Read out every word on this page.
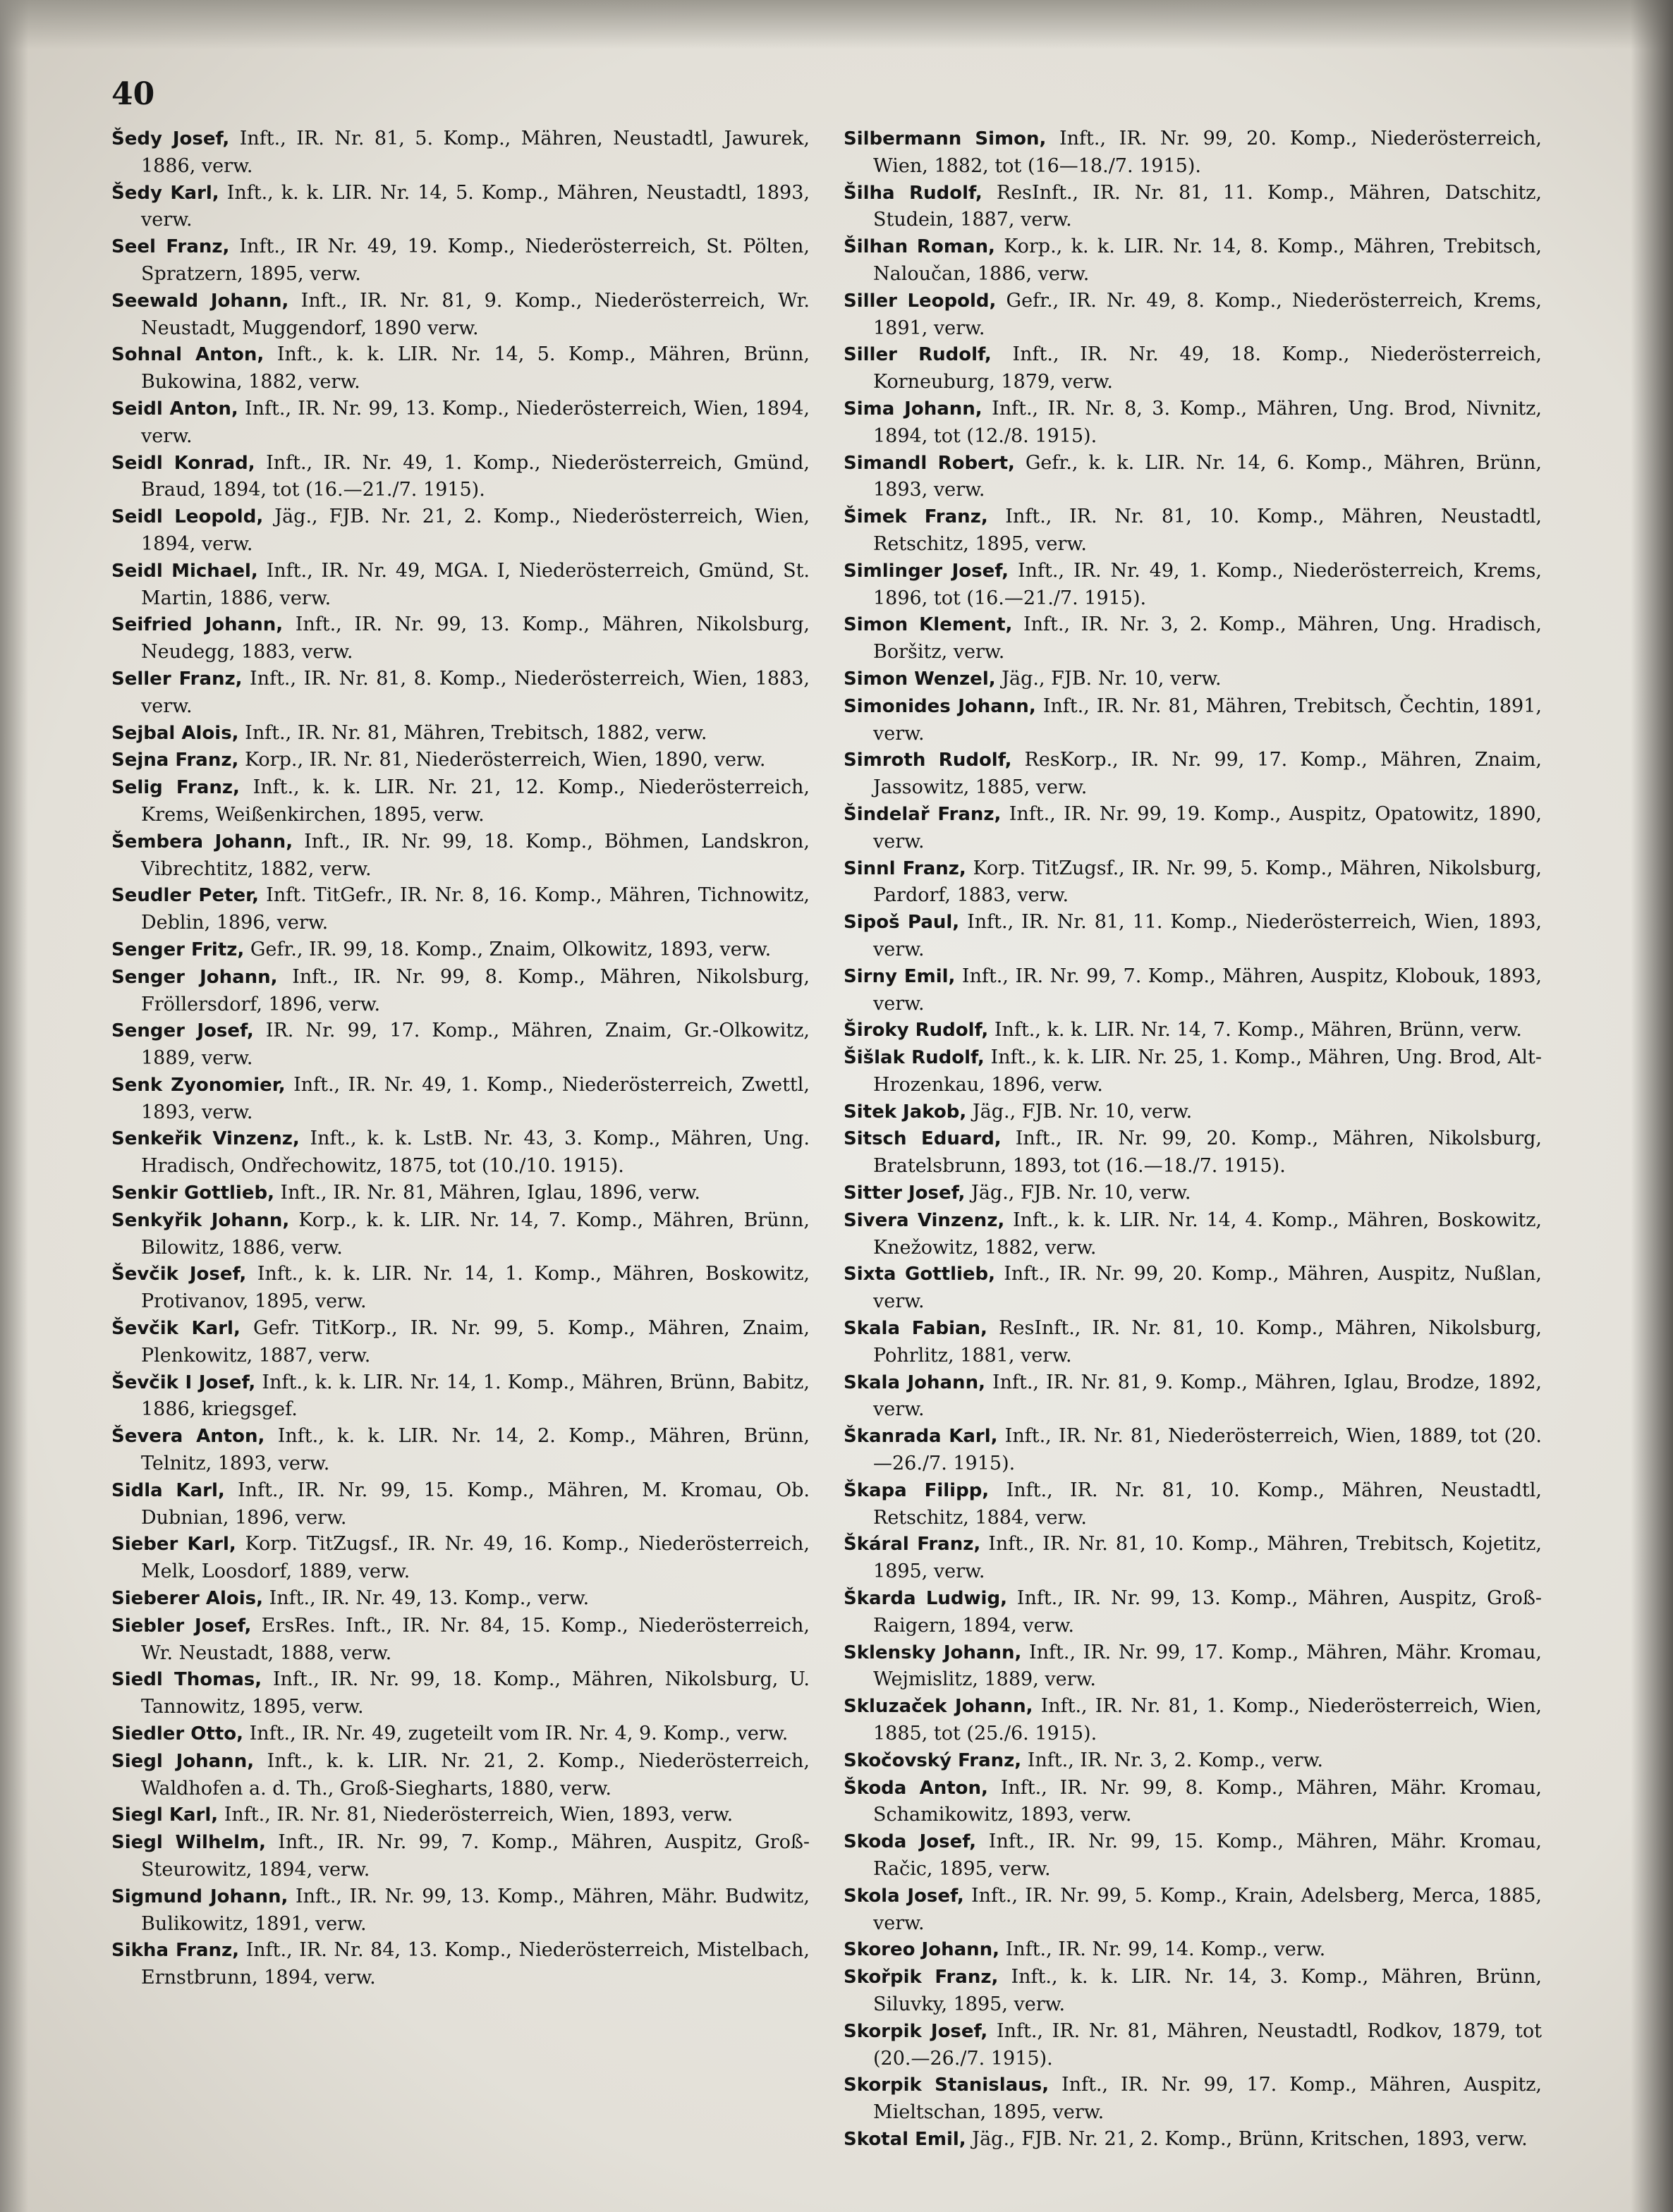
40

Šedy Josef, Inft., IR. Nr. 81, 5. Komp., Mähren, Neustadtl, Jawurek, 1886, verw.

Šedy Karl, Inft., k. k. LIR. Nr. 14, 5. Komp., Mähren, Neustadtl, 1893, verw.

Seel Franz, Inft., IR Nr. 49, 19. Komp., Niederösterreich, St. Pölten, Spratzern, 1895, verw.

Seewald Johann, Inft., IR. Nr. 81, 9. Komp., Niederösterreich, Wr. Neustadt, Muggendorf, 1890 verw.

Sohnal Anton, Inft., k. k. LIR. Nr. 14, 5. Komp., Mähren, Brünn, Bukowina, 1882, verw.

Seidl Anton, Inft., IR. Nr. 99, 13. Komp., Niederösterreich, Wien, 1894, verw.

Seidl Konrad, Inft., IR. Nr. 49, 1. Komp., Niederösterreich, Gmünd, Braud, 1894, tot (16.—21./7. 1915).

Seidl Leopold, Jäg., FJB. Nr. 21, 2. Komp., Niederösterreich, Wien, 1894, verw.

Seidl Michael, Inft., IR. Nr. 49, MGA. I, Niederösterreich, Gmünd, St. Martin, 1886, verw.

Seifried Johann, Inft., IR. Nr. 99, 13. Komp., Mähren, Nikolsburg, Neudegg, 1883, verw.

Seller Franz, Inft., IR. Nr. 81, 8. Komp., Niederösterreich, Wien, 1883, verw.

Sejbal Alois, Inft., IR. Nr. 81, Mähren, Trebitsch, 1882, verw.

Sejna Franz, Korp., IR. Nr. 81, Niederösterreich, Wien, 1890, verw.

Selig Franz, Inft., k. k. LIR. Nr. 21, 12. Komp., Niederösterreich, Krems, Weißenkirchen, 1895, verw.

Šembera Johann, Inft., IR. Nr. 99, 18. Komp., Böhmen, Landskron, Vibrechtitz, 1882, verw.

Seudler Peter, Inft. TitGefr., IR. Nr. 8, 16. Komp., Mähren, Tichnowitz, Deblin, 1896, verw.

Senger Fritz, Gefr., IR. 99, 18. Komp., Znaim, Olkowitz, 1893, verw.

Senger Johann, Inft., IR. Nr. 99, 8. Komp., Mähren, Nikolsburg, Fröllersdorf, 1896, verw.

Senger Josef, IR. Nr. 99, 17. Komp., Mähren, Znaim, Gr.-Olkowitz, 1889, verw.

Senk Zyonomier, Inft., IR. Nr. 49, 1. Komp., Niederösterreich, Zwettl, 1893, verw.

Senkeřik Vinzenz, Inft., k. k. LstB. Nr. 43, 3. Komp., Mähren, Ung. Hradisch, Ondřechowitz, 1875, tot (10./10. 1915).

Senkir Gottlieb, Inft., IR. Nr. 81, Mähren, Iglau, 1896, verw.

Senkyřik Johann, Korp., k. k. LIR. Nr. 14, 7. Komp., Mähren, Brünn, Bilowitz, 1886, verw.

Ševčik Josef, Inft., k. k. LIR. Nr. 14, 1. Komp., Mähren, Boskowitz, Protivanov, 1895, verw.

Ševčik Karl, Gefr. TitKorp., IR. Nr. 99, 5. Komp., Mähren, Znaim, Plenkowitz, 1887, verw.

Ševčik I Josef, Inft., k. k. LIR. Nr. 14, 1. Komp., Mähren, Brünn, Babitz, 1886, kriegsgef.

Ševera Anton, Inft., k. k. LIR. Nr. 14, 2. Komp., Mähren, Brünn, Telnitz, 1893, verw.

Sidla Karl, Inft., IR. Nr. 99, 15. Komp., Mähren, M. Kromau, Ob. Dubnian, 1896, verw.

Sieber Karl, Korp. TitZugsf., IR. Nr. 49, 16. Komp., Niederösterreich, Melk, Loosdorf, 1889, verw.

Sieberer Alois, Inft., IR. Nr. 49, 13. Komp., verw.

Siebler Josef, ErsRes. Inft., IR. Nr. 84, 15. Komp., Niederösterreich, Wr. Neustadt, 1888, verw.

Siedl Thomas, Inft., IR. Nr. 99, 18. Komp., Mähren, Nikolsburg, U. Tannowitz, 1895, verw.

Siedler Otto, Inft., IR. Nr. 49, zugeteilt vom IR. Nr. 4, 9. Komp., verw.

Siegl Johann, Inft., k. k. LIR. Nr. 21, 2. Komp., Niederösterreich, Waldhofen a. d. Th., Groß-Siegharts, 1880, verw.

Siegl Karl, Inft., IR. Nr. 81, Niederösterreich, Wien, 1893, verw.

Siegl Wilhelm, Inft., IR. Nr. 99, 7. Komp., Mähren, Auspitz, Groß-Steurowitz, 1894, verw.

Sigmund Johann, Inft., IR. Nr. 99, 13. Komp., Mähren, Mähr. Budwitz, Bulikowitz, 1891, verw.

Sikha Franz, Inft., IR. Nr. 84, 13. Komp., Niederösterreich, Mistelbach, Ernstbrunn, 1894, verw.

Silbermann Simon, Inft., IR. Nr. 99, 20. Komp., Niederösterreich, Wien, 1882, tot (16—18./7. 1915).

Šilha Rudolf, ResInft., IR. Nr. 81, 11. Komp., Mähren, Datschitz, Studein, 1887, verw.

Šilhan Roman, Korp., k. k. LIR. Nr. 14, 8. Komp., Mähren, Trebitsch, Naloučan, 1886, verw.

Siller Leopold, Gefr., IR. Nr. 49, 8. Komp., Niederösterreich, Krems, 1891, verw.

Siller Rudolf, Inft., IR. Nr. 49, 18. Komp., Niederösterreich, Korneuburg, 1879, verw.

Sima Johann, Inft., IR. Nr. 8, 3. Komp., Mähren, Ung. Brod, Nivnitz, 1894, tot (12./8. 1915).

Simandl Robert, Gefr., k. k. LIR. Nr. 14, 6. Komp., Mähren, Brünn, 1893, verw.

Šimek Franz, Inft., IR. Nr. 81, 10. Komp., Mähren, Neustadtl, Retschitz, 1895, verw.

Simlinger Josef, Inft., IR. Nr. 49, 1. Komp., Niederösterreich, Krems, 1896, tot (16.—21./7. 1915).

Simon Klement, Inft., IR. Nr. 3, 2. Komp., Mähren, Ung. Hradisch, Boršitz, verw.

Simon Wenzel, Jäg., FJB. Nr. 10, verw.

Simonides Johann, Inft., IR. Nr. 81, Mähren, Trebitsch, Čechtin, 1891, verw.

Simroth Rudolf, ResKorp., IR. Nr. 99, 17. Komp., Mähren, Znaim, Jassowitz, 1885, verw.

Šindelař Franz, Inft., IR. Nr. 99, 19. Komp., Auspitz, Opatowitz, 1890, verw.

Sinnl Franz, Korp. TitZugsf., IR. Nr. 99, 5. Komp., Mähren, Nikolsburg, Pardorf, 1883, verw.

Sipoš Paul, Inft., IR. Nr. 81, 11. Komp., Niederösterreich, Wien, 1893, verw.

Sirny Emil, Inft., IR. Nr. 99, 7. Komp., Mähren, Auspitz, Klobouk, 1893, verw.

Široky Rudolf, Inft., k. k. LIR. Nr. 14, 7. Komp., Mähren, Brünn, verw.

Šišlak Rudolf, Inft., k. k. LIR. Nr. 25, 1. Komp., Mähren, Ung. Brod, Alt-Hrozenkau, 1896, verw.

Sitek Jakob, Jäg., FJB. Nr. 10, verw.

Sitsch Eduard, Inft., IR. Nr. 99, 20. Komp., Mähren, Nikolsburg, Bratelsbrunn, 1893, tot (16.—18./7. 1915).

Sitter Josef, Jäg., FJB. Nr. 10, verw.

Sivera Vinzenz, Inft., k. k. LIR. Nr. 14, 4. Komp., Mähren, Boskowitz, Knežowitz, 1882, verw.

Sixta Gottlieb, Inft., IR. Nr. 99, 20. Komp., Mähren, Auspitz, Nußlan, verw.

Skala Fabian, ResInft., IR. Nr. 81, 10. Komp., Mähren, Nikolsburg, Pohrlitz, 1881, verw.

Skala Johann, Inft., IR. Nr. 81, 9. Komp., Mähren, Iglau, Brodze, 1892, verw.

Škanrada Karl, Inft., IR. Nr. 81, Niederösterreich, Wien, 1889, tot (20.—26./7. 1915).

Škapa Filipp, Inft., IR. Nr. 81, 10. Komp., Mähren, Neustadtl, Retschitz, 1884, verw.

Škáral Franz, Inft., IR. Nr. 81, 10. Komp., Mähren, Trebitsch, Kojetitz, 1895, verw.

Škarda Ludwig, Inft., IR. Nr. 99, 13. Komp., Mähren, Auspitz, Groß-Raigern, 1894, verw.

Sklensky Johann, Inft., IR. Nr. 99, 17. Komp., Mähren, Mähr. Kromau, Wejmislitz, 1889, verw.

Skluzaček Johann, Inft., IR. Nr. 81, 1. Komp., Niederösterreich, Wien, 1885, tot (25./6. 1915).

Skočovský Franz, Inft., IR. Nr. 3, 2. Komp., verw.

Škoda Anton, Inft., IR. Nr. 99, 8. Komp., Mähren, Mähr. Kromau, Schamikowitz, 1893, verw.

Skoda Josef, Inft., IR. Nr. 99, 15. Komp., Mähren, Mähr. Kromau, Račic, 1895, verw.

Skola Josef, Inft., IR. Nr. 99, 5. Komp., Krain, Adelsberg, Merca, 1885, verw.

Skoreo Johann, Inft., IR. Nr. 99, 14. Komp., verw.

Skořpik Franz, Inft., k. k. LIR. Nr. 14, 3. Komp., Mähren, Brünn, Siluvky, 1895, verw.

Skorpik Josef, Inft., IR. Nr. 81, Mähren, Neustadtl, Rodkov, 1879, tot (20.—26./7. 1915).

Skorpik Stanislaus, Inft., IR. Nr. 99, 17. Komp., Mähren, Auspitz, Mieltschan, 1895, verw.

Skotal Emil, Jäg., FJB. Nr. 21, 2. Komp., Brünn, Kritschen, 1893, verw.
